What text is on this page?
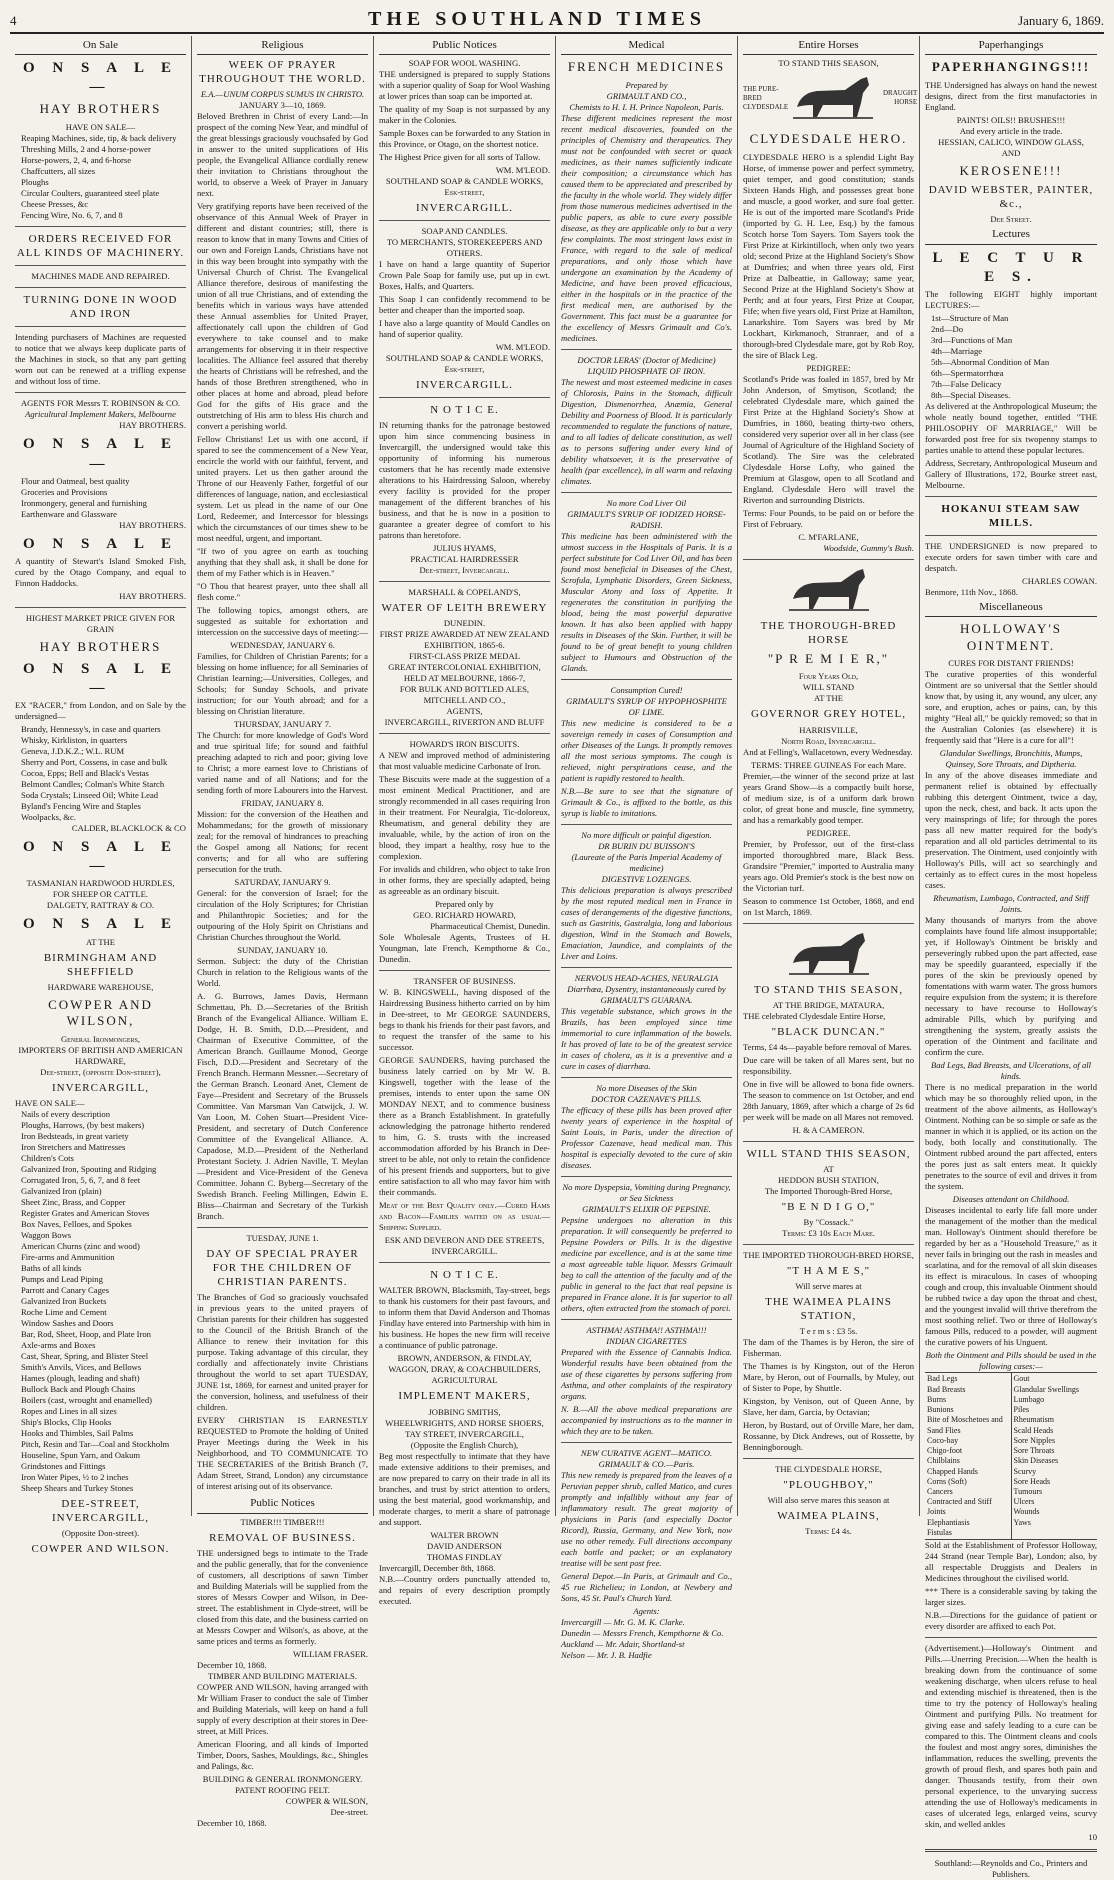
4	THE SOUTHLAND TIMES	January 6, 1869.
On Sale
O N S A L E —
HAY BROTHERS
HAVE ON SALE—

Reaping Machines, side, tip, & back delivery

Threshing Mills, 2 and 4 horse-power

Horse-powers, 2, 4, and 6-horse

Chaffcutters, all sizes

Ploughs

Circular Coulters, guaranteed steel plate

Cheese Presses, &c

Fencing Wire, No. 6, 7, and 8

ORDERS RECEIVED FOR ALL KINDS OF MACHINERY.
MACHINES MADE AND REPAIRED.
TURNING DONE IN WOOD AND IRON

Intending purchasers of Machines are requested to notice that we always keep duplicate parts of the Machines in stock, so that any part getting worn out can be renewed at a trifling expense and without loss of time.

AGENTS FOR Messrs T. ROBINSON & CO.
Agricultural Implement Makers, Melbourne
HAY BROTHERS.
O N S A L E —

Flour and Oatmeal, best quality

Groceries and Provisions

Ironmongery, general and furnishing

Earthenware and Glassware

HAY BROTHERS.
O N S A L E

A quantity of Stewart's Island Smoked Fish, cured by the Otago Company, and equal to Finnon Haddocks.

HAY BROTHERS.
HIGHEST MARKET PRICE GIVEN FOR GRAIN
HAY BROTHERS
O N S A L E —

EX "RACER," from London, and on Sale by the undersigned—

Brandy, Hennessy's, in case and quarters

Whisky, Kirkliston, in quarters

Geneva, J.D.K.Z.; W.L. RUM

Sherry and Port, Cossens, in case and bulk

Cocoa, Epps; Bell and Black's Vestas

Belmont Candles; Colman's White Starch

Soda Crystals; Linseed Oil; White Lead

Byland's Fencing Wire and Staples

Woolpacks, &c.

CALDER, BLACKLOCK & CO
O N S A L E —
TASMANIAN HARDWOOD HURDLES,
FOR SHEEP OR CATTLE.
DALGETY, RATTRAY & CO.
O N S A L E
AT THE
BIRMINGHAM AND SHEFFIELD
HARDWARE WAREHOUSE,
COWPER AND WILSON,
General Ironmongers,
IMPORTERS OF BRITISH AND AMERICAN HARDWARE,
Dee-street, (opposite Don-street),
INVERCARGILL,
HAVE ON SALE—

Nails of every description

Ploughs, Harrows, (by best makers)

Iron Bedsteads, in great variety

Iron Stretchers and Mattresses

Children's Cots

Galvanized Iron, Spouting and Ridging

Corrugated Iron, 5, 6, 7, and 8 feet

Galvanized Iron (plain)

Sheet Zinc, Brass, and Copper

Register Grates and American Stoves

Box Naves, Felloes, and Spokes

Waggon Bows

American Churns (zinc and wood)

Fire-arms and Ammunition

Baths of all kinds

Pumps and Lead Piping

Parrott and Canary Cages

Galvanized Iron Buckets

Roche Lime and Cement

Window Sashes and Doors

Bar, Rod, Sheet, Hoop, and Plate Iron

Axle-arms and Boxes

Cast, Shear, Spring, and Blister Steel

Smith's Anvils, Vices, and Bellows

Hames (plough, leading and shaft)

Bullock Back and Plough Chains

Boilers (cast, wrought and enamelled)

Ropes and Lines in all sizes

Ship's Blocks, Clip Hooks

Hooks and Thimbles, Sail Palms

Pitch, Resin and Tar—Coal and Stockholm

Houseline, Spun Yarn, and Oakum

Grindstones and Fittings

Iron Water Pipes, ½ to 2 inches

Sheep Shears and Turkey Stones

DEE-STREET, INVERCARGILL,
(Opposite Don-street).
COWPER AND WILSON.
Religious
WEEK OF PRAYER THROUGHOUT THE WORLD.
E.A.—UNUM CORPUS SUMUS IN CHRISTO.
JANUARY 3—10, 1869.

Beloved Brethren in Christ of every Land:—In prospect of the coming New Year, and mindful of the great blessings graciously vouchsafed by God in answer to the united supplications of His people, the Evangelical Alliance cordially renew their invitation to Christians throughout the world, to observe a Week of Prayer in January next.

Very gratifying reports have been received of the observance of this Annual Week of Prayer in different and distant countries; still, there is reason to know that in many Towns and Cities of our own and Foreign Lands, Christians have not in this way been brought into sympathy with the Universal Church of Christ. The Evangelical Alliance therefore, desirous of manifesting the union of all true Christians, and of extending the benefits which in various ways have attended these Annual assemblies for United Prayer, affectionately call upon the children of God everywhere to take counsel and to make arrangements for observing it in their respective localities. The Alliance feel assured that thereby the hearts of Christians will be refreshed, and the hands of those Brethren strengthened, who in other places at home and abroad, plead before God for the gifts of His grace and the outstretching of His arm to bless His church and convert a perishing world.

Fellow Christians! Let us with one accord, if spared to see the commencement of a New Year, encircle the world with our faithful, fervent, and united prayers. Let us then gather around the Throne of our Heavenly Father, forgetful of our differences of language, nation, and ecclesiastical system. Let us plead in the name of our One Lord, Redeemer, and Intercessor for blessings which the circumstances of our times shew to be most needful, urgent, and important.

"If two of you agree on earth as touching anything that they shall ask, it shall be done for them of my Father which is in Heaven."

"O Thou that hearest prayer, unto thee shall all flesh come."

The following topics, amongst others, are suggested as suitable for exhortation and intercession on the successive days of meeting:—

WEDNESDAY, JANUARY 6.

Families, for Children of Christian Parents; for a blessing on home influence; for all Seminaries of Christian learning;—Universities, Colleges, and Schools; for Sunday Schools, and private instruction; for our Youth abroad; and for a blessing on Christian literature.

THURSDAY, JANUARY 7.

The Church: for more knowledge of God's Word and true spiritual life; for sound and faithful preaching adapted to rich and poor; giving love to Christ; a more earnest love to Christians of varied name and of all Nations; and for the sending forth of more Labourers into the Harvest.

FRIDAY, JANUARY 8.

Mission: for the conversion of the Heathen and Mohammedans; for the growth of missionary zeal; for the removal of hindrances to preaching the Gospel among all Nations; for recent converts; and for all who are suffering persecution for the truth.

SATURDAY, JANUARY 9.

General: for the conversion of Israel; for the circulation of the Holy Scriptures; for Christian and Philanthropic Societies; and for the outpouring of the Holy Spirit on Christians and Christian Churches throughout the World.

SUNDAY, JANUARY 10.

Sermon. Subject: the duty of the Christian Church in relation to the Religious wants of the World.

A. G. Burrows, James Davis, Hermann Schmettau, Ph. D.—Secretaries of the British Branch of the Evangelical Alliance. William E. Dodge, H. B. Smith, D.D.—President, and Chairman of Executive Committee, of the American Branch. Guillaume Monod, George Fisch, D.D.—President and Secretary of the French Branch. Hermann Messner.—Secretary of the German Branch. Leonard Anet, Clement de Faye—President and Secretary of the Brussels Committee. Van Marsman Van Catwijck, J. W. Van Loon, M. Cohen Stuart—President Vice-President, and secretary of Dutch Conference Committee of the Evangelical Alliance. A. Capadose, M.D.—President of the Netherland Protestant Society. J. Adrien Naville, T. Meylan—President and Vice-President of the Geneva Committee. Johann C. Byberg—Secretary of the Swedish Branch. Feeling Millingen, Edwin E. Bliss—Chairman and Secretary of the Turkish Branch.

TUESDAY, JUNE 1.
DAY OF SPECIAL PRAYER FOR THE CHILDREN OF CHRISTIAN PARENTS.

The Branches of God so graciously vouchsafed in previous years to the united prayers of Christian parents for their children has suggested to the Council of the British Branch of the Alliance to renew their invitation for this purpose. Taking advantage of this circular, they cordially and affectionately invite Christians throughout the world to set apart TUESDAY, JUNE 1st, 1869, for earnest and united prayer for the conversion, holiness, and usefulness of their children.

EVERY CHRISTIAN IS EARNESTLY REQUESTED to Promote the holding of United Prayer Meetings during the Week in his Neighborhood, and TO COMMUNICATE TO THE SECRETARIES of the British Branch (7, Adam Street, Strand, London) any circumstance of interest arising out of its observance.

Public Notices
TIMBER!!! TIMBER!!!
REMOVAL OF BUSINESS.

THE undersigned begs to intimate to the Trade and the public generally, that for the convenience of customers, all descriptions of sawn Timber and Building Materials will be supplied from the stores of Messrs Cowper and Wilson, in Dee-street. The establishment in Clyde-street, will be closed from this date, and the business carried on at Messrs Cowper and Wilson's, as above, at the same prices and terms as formerly.

WILLIAM FRASER.
December 10, 1868.
TIMBER AND BUILDING MATERIALS.

COWPER AND WILSON, having arranged with Mr William Fraser to conduct the sale of Timber and Building Materials, will keep on hand a full supply of every description at their stores in Dee-street, at Mill Prices.

American Flooring, and all kinds of Imported Timber, Doors, Sashes, Mouldings, &c., Shingles and Palings, &c.

BUILDING & GENERAL IRONMONGERY.
PATENT ROOFING FELT.
COWPER & WILSON,
Dee-street.
December 10, 1868.
Public Notices
SOAP FOR WOOL WASHING.

THE undersigned is prepared to supply Stations with a superior quality of Soap for Wool Washing at lower prices than soap can be imported at.

The quality of my Soap is not surpassed by any maker in the Colonies.

Sample Boxes can be forwarded to any Station in this Province, or Otago, on the shortest notice.

The Highest Price given for all sorts of Tallow.

WM. M'LEOD.
SOUTHLAND SOAP & CANDLE WORKS,
Esk-street,
INVERCARGILL.
SOAP AND CANDLES.
TO MERCHANTS, STOREKEEPERS AND OTHERS.

I have on hand a large quantity of Superior Crown Pale Soap for family use, put up in cwt. Boxes, Halfs, and Quarters.

This Soap I can confidently recommend to be better and cheaper than the imported soap.

I have also a large quantity of Mould Candles on hand of superior quality.

WM. M'LEOD.
SOUTHLAND SOAP & CANDLE WORKS,
Esk-street,
INVERCARGILL.
N O T I C E.

IN returning thanks for the patronage bestowed upon him since commencing business in Invercargill, the undersigned would take this opportunity of informing his numerous customers that he has recently made extensive alterations to his Hairdressing Saloon, whereby every facility is provided for the proper management of the different branches of his business, and that he is now in a position to guarantee a greater degree of comfort to his patrons than heretofore.

JULIUS HYAMS,
PRACTICAL HAIRDRESSER
Dee-street, Invercargill.
MARSHALL & COPELAND'S,
WATER OF LEITH BREWERY
DUNEDIN.
FIRST PRIZE AWARDED AT NEW ZEALAND EXHIBITION, 1865-6.
FIRST-CLASS PRIZE MEDAL
GREAT INTERCOLONIAL EXHIBITION,
HELD AT MELBOURNE, 1866-7,
FOR BULK AND BOTTLED ALES,
MITCHELL AND CO.,
AGENTS,
INVERCARGILL, RIVERTON AND BLUFF
HOWARD'S IRON BISCUITS.

A NEW and improved method of administering that most valuable medicine Carbonate of Iron.

These Biscuits were made at the suggestion of a most eminent Medical Practitioner, and are strongly recommended in all cases requiring Iron in their treatment. For Neuralgia, Tic-doloreux, Rheumatism, and general debility they are invaluable, while, by the action of iron on the blood, they impart a healthy, rosy hue to the complexion.

For invalids and children, who object to take Iron in other forms, they are specially adapted, being as agreeable as an ordinary biscuit.

Prepared only by
GEO. RICHARD HOWARD,
Pharmaceutical Chemist, Dunedin.

Sole Wholesale Agents, Trustees of H. Youngman, late French, Kempthorne & Co., Dunedin.

TRANSFER OF BUSINESS.

W. B. KINGSWELL, having disposed of the Hairdressing Business hitherto carried on by him in Dee-street, to Mr GEORGE SAUNDERS, begs to thank his friends for their past favors, and to request the transfer of the same to his successor.

GEORGE SAUNDERS, having purchased the business lately carried on by Mr W. B. Kingswell, together with the lease of the premises, intends to enter upon the same ON MONDAY NEXT, and to commence business there as a Branch Establishment. In gratefully acknowledging the patronage hitherto rendered to him, G. S. trusts with the increased accommodation afforded by his Branch in Dee-street to be able, not only to retain the confidence of his present friends and supporters, but to give entire satisfaction to all who may favor him with their commands.

Meat of the Best Quality only.—Cured Hams and Bacon—Families waited on as usual—Shipping Supplied.

ESK AND DEVERON AND DEE STREETS, INVERCARGILL.
N O T I C E.

WALTER BROWN, Blacksmith, Tay-street, begs to thank his customers for their past favours, and to inform them that David Anderson and Thomas Findlay have entered into Partnership with him in his business. He hopes the new firm will receive a continuance of public patronage.

BROWN, ANDERSON, & FINDLAY,
WAGGON, DRAY, & COACHBUILDERS,
AGRICULTURAL
IMPLEMENT MAKERS,
JOBBING SMITHS,
WHEELWRIGHTS, AND HORSE SHOERS,
TAY STREET, INVERCARGILL,
(Opposite the English Church),

Beg most respectfully to intimate that they have made extensive additions to their premises, and are now prepared to carry on their trade in all its branches, and trust by strict attention to orders, using the best material, good workmanship, and moderate charges, to merit a share of patronage and support.

WALTER BROWN
DAVID ANDERSON
THOMAS FINDLAY
Invercargill, December 8th, 1868.

N.B.—Country orders punctually attended to, and repairs of every description promptly executed.

Medical
FRENCH MEDICINES
Prepared by
GRIMAULT AND CO.,
Chemists to H. I. H. Prince Napoleon, Paris.

These different medicines represent the most recent medical discoveries, founded on the principles of Chemistry and therapeutics. They must not be confounded with secret or quack medicines, as their names sufficiently indicate their composition; a circumstance which has caused them to be appreciated and prescribed by the faculty in the whole world. They widely differ from those numerous medicines advertised in the public papers, as able to cure every possible disease, as they are applicable only to but a very few complaints. The most stringent laws exist in France, with regard to the sale of medical preparations, and only those which have undergone an examination by the Academy of Medicine, and have been proved efficacious, either in the hospitals or in the practice of the first medical men, are authorised by the Government. This fact must be a guarantee for the excellency of Messrs Grimault and Co's. medicines.

DOCTOR LERAS' (Doctor of Medicine)
LIQUID PHOSPHATE OF IRON.

The newest and most esteemed medicine in cases of Chlorosis, Pains in the Stomach, difficult Digestion, Dismenorrhea, Anæmia, General Debility and Poorness of Blood. It is particularly recommended to regulate the functions of nature, and to all ladies of delicate constitution, as well as to persons suffering under every kind of debility whatsoever, it is the preservative of health (par excellence), in all warm and relaxing climates.

No more Cod Liver Oil
GRIMAULT'S SYRUP OF IODIZED HORSE-RADISH.

This medicine has been administered with the utmost success in the Hospitals of Paris. It is a perfect substitute for Cod Liver Oil, and has been found most beneficial in Diseases of the Chest, Scrofula, Lymphatic Disorders, Green Sickness, Muscular Atony and loss of Appetite. It regenerates the constitution in purifying the blood, being the most powerful depurative known. It has also been applied with happy results in Diseases of the Skin. Further, it will be found to be of great benefit to young children subject to Humours and Obstruction of the Glands.

Consumption Cured!
GRIMAULT'S SYRUP OF HYPOPHOSPHITE OF LIME.

This new medicine is considered to be a sovereign remedy in cases of Consumption and other Diseases of the Lungs. It promptly removes all the most serious symptoms. The cough is relieved, night perspirations cease, and the patient is rapidly restored to health.

N.B.—Be sure to see that the signature of Grimault & Co., is affixed to the bottle, as this syrup is liable to imitations.

No more difficult or painful digestion.
DR BURIN DU BUISSON'S
(Laureate of the Paris Imperial Academy of medicine)
DIGESTIVE LOZENGES.

This delicious preparation is always prescribed by the most reputed medical men in France in cases of derangements of the digestive functions, such as Gastritis, Gastralgia, long and laborious digestion, Wind in the Stomach and Bowels, Emaciation, Jaundice, and complaints of the Liver and Loins.

NERVOUS HEAD-ACHES, NEURALGIA
Diarrhœa, Dysentry, instantaneously cured by
GRIMAULT'S GUARANA.

This vegetable substance, which grows in the Brazils, has been employed since time immemorial to cure inflammation of the bowels. It has proved of late to be of the greatest service in cases of cholera, as it is a preventive and a cure in cases of diarrhœa.

No more Diseases of the Skin
DOCTOR CAZENAVE'S PILLS.

The efficacy of these pills has been proved after twenty years of experience in the hospital of Saint Louis, in Paris, under the direction of Professor Cazenave, head medical man. This hospital is especially devoted to the cure of skin diseases.

No more Dyspepsia, Vomiting during Pregnancy, or Sea Sickness
GRIMAULT'S ELIXIR OF PEPSINE.

Pepsine undergoes no alteration in this preparation. It will consequently be preferred to Pepsine Powders or Pills. It is the digestive medicine par excellence, and is at the same time a most agreeable table liquor. Messrs Grimault beg to call the attention of the faculty and of the public in general to the fact that real pepsine is prepared in France alone. It is far superior to all others, often extracted from the stomach of porci.

ASTHMA! ASTHMA!! ASTHMA!!!
INDIAN CIGARETTES

Prepared with the Essence of Cannabis Indica. Wonderful results have been obtained from the use of these cigarettes by persons suffering from Asthma, and other complaints of the respiratory organs.

N. B.—All the above medical preparations are accompanied by instructions as to the manner in which they are to be taken.

NEW CURATIVE AGENT—MATICO.
GRIMAULT & CO.—Paris.

This new remedy is prepared from the leaves of a Peruvian pepper shrub, called Matico, and cures promptly and infallibly without any fear of inflammatory result. The great majority of physicians in Paris (and especially Doctor Ricord), Russia, Germany, and New York, now use no other remedy. Full directions accompany each bottle and packet; or an explanatory treatise will be sent post free.

General Depot.—In Paris, at Grimault and Co., 45 rue Richelieu; in London, at Newbery and Sons, 45 St. Paul's Church Yard.

Agents:
Invercargill — Mr. G. M. K. Clarke.
Dunedin — Messrs French, Kempthorne & Co.
Auckland — Mr. Adair, Shortland-st
Nelson — Mr. J. B. Hadfie
Entire Horses
TO STAND THIS SEASON,
THE PURE-BRED CLYDESDALE
DRAUGHT HORSE
CLYDESDALE HERO.

CLYDESDALE HERO is a splendid Light Bay Horse, of immense power and perfect symmetry, quiet temper, and good constitution; stands Sixteen Hands High, and possesses great bone and muscle, a good worker, and sure foal getter. He is out of the imported mare Scotland's Pride (imported by G. H. Lee, Esq.) by the famous Scotch horse Tom Sayers. Tom Sayers took the First Prize at Kirkintilloch, when only two years old; second Prize at the Highland Society's Show at Dumfries; and when three years old, First Prize at Dalbeattie, in Galloway; same year, Second Prize at the Highland Society's Show at Perth; and at four years, First Prize at Coupar, Fife; when five years old, First Prize at Hamilton, Lanarkshire. Tom Sayers was bred by Mr Lockhart, Kirkmanoch, Stranraer, and of a thorough-bred Clydesdale mare, got by Rob Roy, the sire of Black Leg.

PEDIGREE:

Scotland's Pride was foaled in 1857, bred by Mr John Anderson, of Smytison, Scotland; the celebrated Clydesdale mare, which gained the First Prize at the Highland Society's Show at Dumfries, in 1860, beating thirty-two others, considered very superior over all in her class (see Journal of Agriculture of the Highland Society of Scotland). The Sire was the celebrated Clydesdale Horse Lofty, who gained the Premium at Glasgow, open to all Scotland and England. Clydesdale Hero will travel the Riverton and surrounding Districts.

Terms: Four Pounds, to be paid on or before the First of February.

C. M'FARLANE,
Woodside, Gummy's Bush.
THE THOROUGH-BRED HORSE
"P R E M I E R,"
Four Years Old,
WILL STAND
AT THE
GOVERNOR GREY HOTEL,
HARRISVILLE,
North Road, Invercargill.

And at Felling's, Wallacetown, every Wednesday.

TERMS: THREE GUINEAS For each Mare.

Premier,—the winner of the second prize at last years Grand Show—is a compactly built horse, of medium size, is of a uniform dark brown color, of great bone and muscle, fine symmetry, and has a remarkably good temper.

PEDIGREE.

Premier, by Professor, out of the first-class imported thoroughbred mare, Black Bess. Grandsire "Premier," imported to Australia many years ago. Old Premier's stock is the best now on the Victorian turf.

Season to commence 1st October, 1868, and end on 1st March, 1869.

TO STAND THIS SEASON,
AT THE BRIDGE, MATAURA,

THE celebrated Clydesdale Entire Horse,

"BLACK DUNCAN."

Terms, £4 4s—payable before removal of Mares.

Due care will be taken of all Mares sent, but no responsibility.

One in five will be allowed to bona fide owners. The season to commence on 1st October, and end 28th January, 1869, after which a charge of 2s 6d per week will be made on all Mares not removed.

H. & A CAMERON.
WILL STAND THIS SEASON,
AT
HEDDON BUSH STATION,
The Imported Thorough-Bred Horse,
"B E N D I G O,"
By "Cossack."
Terms: £3 10s Each Mare.
THE IMPORTED THOROUGH-BRED HORSE,
"T H A M E S,"
Will serve mares at
THE WAIMEA PLAINS STATION,
T e r m s : £3 5s.

The dam of the Thames is by Heron, the sire of Fisherman.

The Thames is by Kingston, out of the Heron Mare, by Heron, out of Fournalls, by Muley, out of Sister to Pope, by Shuttle.

Kingston, by Venison, out of Queen Anne, by Slave, her dam, Garcia, by Octavian;

Heron, by Bustard, out of Orville Mare, her dam, Rossanne, by Dick Andrews, out of Rossette, by Benningborough.

THE CLYDESDALE HORSE,
"PLOUGHBOY,"
Will also serve mares this season at
WAIMEA PLAINS,
Terms: £4 4s.
Paperhangings
PAPERHANGINGS!!!

THE Undersigned has always on hand the newest designs, direct from the first manufactories in England.

PAINTS! OILS!! BRUSHES!!!
And every article in the trade.
HESSIAN, CALICO, WINDOW GLASS,
AND
KEROSENE!!!
DAVID WEBSTER, PAINTER, &c.,
Dee Street.
Lectures
L E C T U R E S.

The following EIGHT highly important LECTURES:—

1st—Structure of Man

2nd—Do

3rd—Functions of Man

4th—Marriage

5th—Abnormal Condition of Man

6th—Spermatorrhœa

7th—False Delicacy

8th—Special Diseases.

As delivered at the Anthropological Museum; the whole neatly bound together, entitled "THE PHILOSOPHY OF MARRIAGE," Will be forwarded post free for six twopenny stamps to parties unable to attend these popular lectures.

Address, Secretary, Anthropological Museum and Gallery of Illustrations, 172, Bourke street east, Melbourne.

HOKANUI STEAM SAW MILLS.

THE UNDERSIGNED is now prepared to execute orders for sawn timber with care and despatch.

CHARLES COWAN.
Benmore, 11th Nov., 1868.
Miscellaneous
HOLLOWAY'S OINTMENT.
CURES FOR DISTANT FRIENDS!

The curative properties of this wonderful Ointment are so universal that the Settler should know that, by using it, any wound, any ulcer, any sore, and eruption, aches or pains, can, by this mighty "Heal all," be quickly removed; so that in the Australian Colonies (as elsewhere) it is frequently said that "Here is a cure for all"!

Glandular Swellings, Bronchitis, Mumps, Quinsey, Sore Throats, and Diptheria.

In any of the above diseases immediate and permanent relief is obtained by effectually rubbing this detergent Ointment, twice a day, upon the neck, chest, and back. It acts upon the very mainsprings of life; for through the pores pass all new matter required for the body's reparation and all old particles detrimental to its preservation. The Ointment, used conjointly with Holloway's Pills, will act so searchingly and certainly as to effect cures in the most hopeless cases.

Rheumatism, Lumbago, Contracted, and Stiff Joints.

Many thousands of martyrs from the above complaints have found life almost insupportable; yet, if Holloway's Ointment be briskly and perseveringly rubbed upon the part affected, ease may be speedily guaranteed, especially if the pores of the skin be previously opened by fomentations with warm water. The gross humors require expulsion from the system; it is therefore necessary to have recourse to Holloway's admirable Pills, which by purifying and strengthening the system, greatly assists the operation of the Ointment and facilitate and confirm the cure.

Bad Legs, Bad Breasts, and Ulcerations, of all kinds.

There is no medical preparation in the world which may be so thoroughly relied upon, in the treatment of the above ailments, as Holloway's Ointment. Nothing can be so simple or safe as the manner in which it is applied, or its action on the body, both locally and constitutionally. The Ointment rubbed around the part affected, enters the pores just as salt enters meat. It quickly penetrates to the source of evil and drives it from the system.

Diseases attendant on Childhood.

Diseases incidental to early life fall more under the management of the mother than the medical man. Holloway's Ointment should therefore be regarded by her as a "Household Treasure," as it never fails in bringing out the rash in measles and scarlatina, and for the removal of all skin diseases its effect is miraculous. In cases of whooping cough and croup, this invaluable Ointment should be rubbed twice a day upon the throat and chest, and the youngest invalid will thrive therefrom the most soothing relief. Two or three of Holloway's famous Pills, reduced to a powder, will augment the curative powers of his Unguent.

Both the Ointment and Pills should be used in the following cases:—
Bad Legs
Bad Breasts
Burns
Bunions
Bite of Moschetoes and Sand Flies
Coco-bay
Chigo-foot
Chilblains
Chapped Hands
Corns (Soft)
Cancers
Contracted and Stiff Joints
Elephantiasis
Fistulas
Gout
Glandular Swellings
Lumbago
Piles
Rheumatism
Scald Heads
Sore Nipples
Sore Throats
Skin Diseases
Scurvy
Sore Heads
Tumours
Ulcers
Wounds
Yaws

Sold at the Establishment of Professor Holloway, 244 Strand (near Temple Bar), London; also, by all respectable Druggists and Dealers in Medicines throughout the civilised world.

*** There is a considerable saving by taking the larger sizes.

N.B.—Directions for the guidance of patient or every disorder are affixed to each Pot.

(Advertisement.)—Holloway's Ointment and Pills.—Unerring Precision.—When the health is breaking down from the continuance of some weakening discharge, when ulcers refuse to heal and extending mischief is threatened, then is the time to try the potency of Holloway's healing Ointment and purifying Pills. No treatment for giving ease and safely leading to a cure can be compared to this. The Ointment cleans and cools the foulest and most angry sores, diminishes the inflammation, reduces the swelling, prevents the growth of proud flesh, and spares both pain and danger. Thousands testify, from their own personal experience, to the unvarying success attending the use of Holloway's medicaments in cases of ulcerated legs, enlarged veins, scurvy skin, and welled ankles

10
Southland:—Reynolds and Co., Printers and Publishers.
